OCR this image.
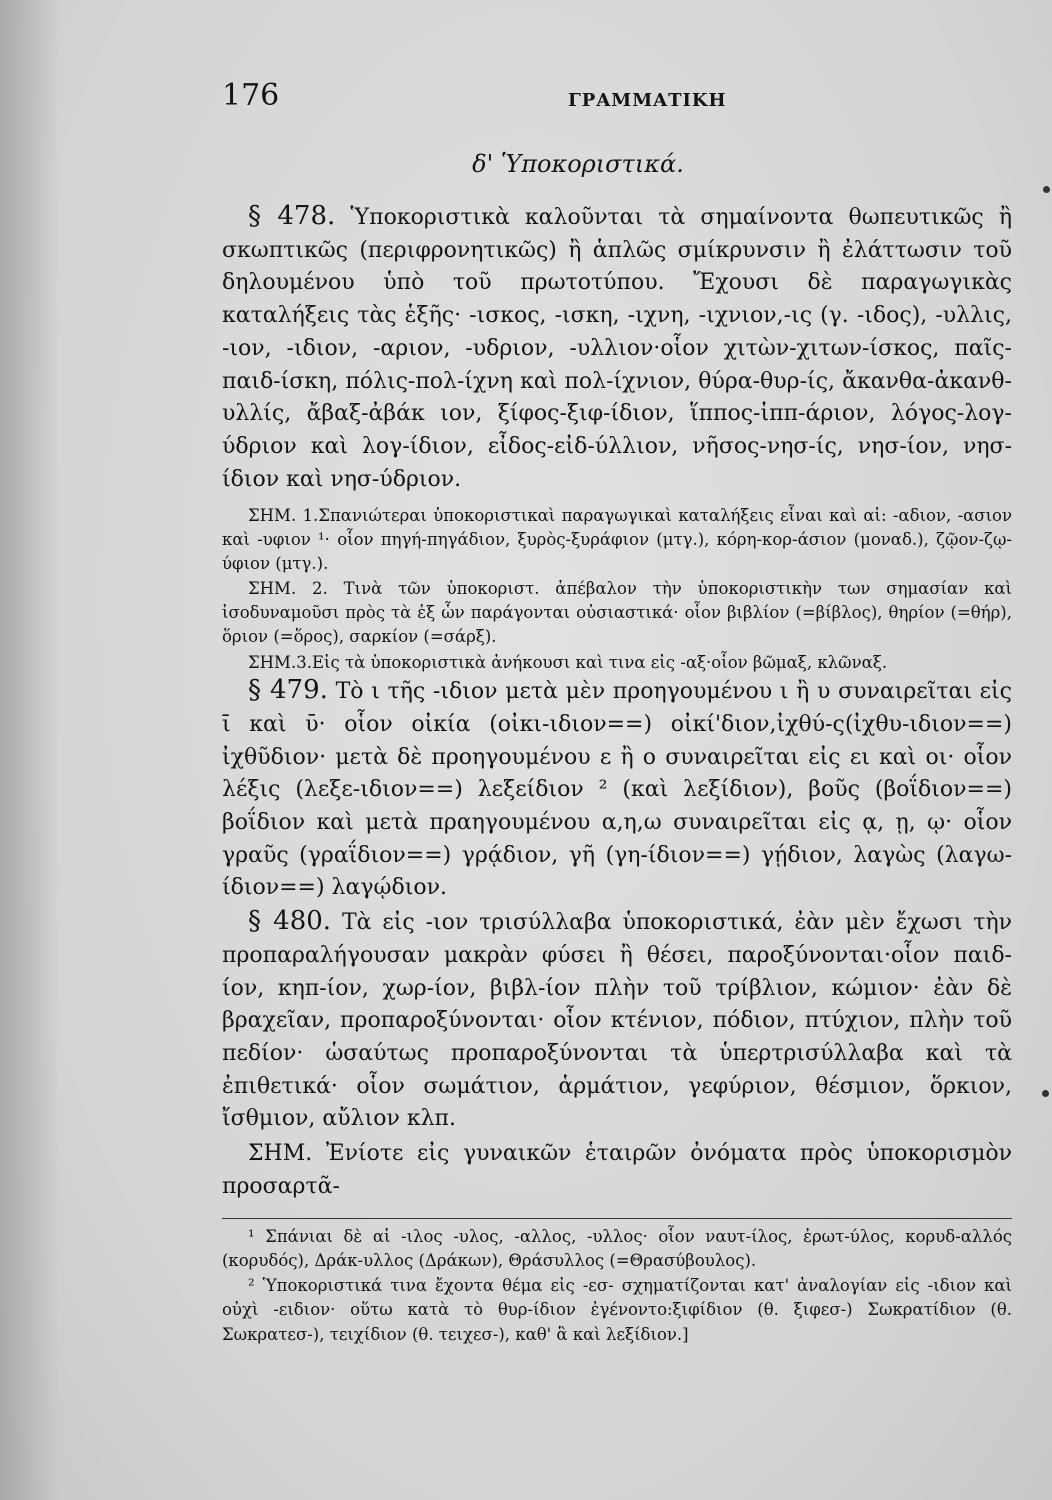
176	ΓΡΑΜΜΑΤΙΚΗ
δ' Ὑποκοριστικά.

§ 478. Ὑποκοριστικὰ καλοῦνται τὰ σημαίνοντα θωπευτικῶς ἢ σκωπτικῶς (περιφρονητικῶς) ἢ ἁπλῶς σμίκρυνσιν ἢ ἐλάττωσιν τοῦ δηλουμένου ὑπὸ τοῦ πρωτοτύπου. Ἔχουσι δὲ παραγωγικὰς καταλήξεις τὰς ἑξῆς· -ισκος, -ισκη, -ιχνη, -ιχνιον,-ις (γ. -ιδος), -υλλις, -ιον, -ιδιον, -αριον, -υδριον, -υλλιον·οἷον χιτὼν-χιτων-ίσκος, παῖς-παιδ-ίσκη, πόλις-πολ-ίχνη καὶ πολ-ίχνιον, θύρα-θυρ-ίς, ἄκανθα-ἀκανθ-υλλίς, ἄβαξ-ἀβάκ ιον, ξίφος-ξιφ-ίδιον, ἵππος-ἱππ-άριον, λόγος-λογ-ύδριον καὶ λογ-ίδιον, εἶδος-εἰδ-ύλλιον, νῆσος-νησ-ίς, νησ-ίον, νησ-ίδιον καὶ νησ-ύδριον.

ΣΗΜ. 1.Σπανιώτεραι ὑποκοριστικαὶ παραγωγικαὶ καταλήξεις εἶναι καὶ αἱ: -αδιον, -ασιον καὶ -υφιον ¹· οἷον πηγή-πηγάδιον, ξυρὸς-ξυράφιον (μτγ.), κόρη-κορ-άσιον (μοναδ.), ζῷον-ζῳ-ύφιον (μτγ.).

ΣΗΜ. 2. Τινὰ τῶν ὑποκοριστ. ἀπέβαλον τὴν ὑποκοριστικὴν των σημασίαν καὶ ἰσοδυναμοῦσι πρὸς τὰ ἐξ ὧν παράγονται οὐσιαστικά· οἷον βιβλίον (=βίβλος), θηρίον (=θήρ), ὅριον (=ὅρος), σαρκίον (=σάρξ).

ΣΗΜ.3.Εἰς τὰ ὑποκοριστικὰ ἀνήκουσι καὶ τινα εἰς -αξ·οἷον βῶμαξ, κλῶναξ.

§ 479. Τὸ ι τῆς -ιδιον μετὰ μὲν προηγουμένου ι ἢ υ συναιρεῖται εἰς ῑ καὶ ῡ· οἷον οἰκία (οἰκι-ιδιον==) οἰκί'διον,ἰχθύ-ς(ἰχθυ-ιδιον==) ἰχθῦδιον· μετὰ δὲ προηγουμένου ε ἢ ο συναιρεῖται εἰς ει καὶ οι· οἷον λέξις (λεξε-ιδιον==) λεξείδιον ² (καὶ λεξίδιον), βοῦς (βοΐδιον==) βοΐδιον καὶ μετὰ πραηγουμένου α,η,ω συναιρεῖται εἰς ᾳ, ῃ, ῳ· οἷον γραῦς (γραΐδιον==) γρᾴδιον, γῆ (γη-ίδιον==) γῄδιον, λαγὼς (λαγω-ίδιον==) λαγῴδιον.

§ 480. Τὰ εἰς -ιον τρισύλλαβα ὑποκοριστικά, ἐὰν μὲν ἔχωσι τὴν προπαραλήγουσαν μακρὰν φύσει ἢ θέσει, παροξύνονται·οἷον παιδ-ίον, κηπ-ίον, χωρ-ίον, βιβλ-ίον πλὴν τοῦ τρίβλιον, κώμιον· ἐὰν δὲ βραχεῖαν, προπαροξύνονται· οἷον κτένιον, πόδιον, πτύχιον, πλὴν τοῦ πεδίον· ὡσαύτως προπαροξύνονται τὰ ὑπερτρισύλλαβα καὶ τὰ ἐπιθετικά· οἷον σωμάτιον, ἁρμάτιον, γεφύριον, θέσμιον, ὅρκιον, ἴσθμιον, αὔλιον κλπ.

ΣΗΜ. Ἐνίοτε εἰς γυναικῶν ἑταιρῶν ὀνόματα πρὸς ὑποκορισμὸν προσαρτᾶ-

¹ Σπάνιαι δὲ αἱ -ιλος -υλος, -αλλος, -υλλος· οἷον ναυτ-ίλος, ἐρωτ-ύλος, κορυδ-αλλός (κορυδός), Δράκ-υλλος (Δράκων), Θράσυλλος (=Θρασύβουλος).

² Ὑποκοριστικά τινα ἔχοντα θέμα εἰς -εσ- σχηματίζονται κατ' ἀναλογίαν εἰς -ιδιον καὶ οὐχὶ -ειδιον· οὕτω κατὰ τὸ θυρ-ίδιον ἐγένοντο:ξιφίδιον (θ. ξιφεσ-) Σωκρατίδιον (θ. Σωκρατεσ-), τειχίδιον (θ. τειχεσ-), καθ' ἃ καὶ λεξίδιον.]
